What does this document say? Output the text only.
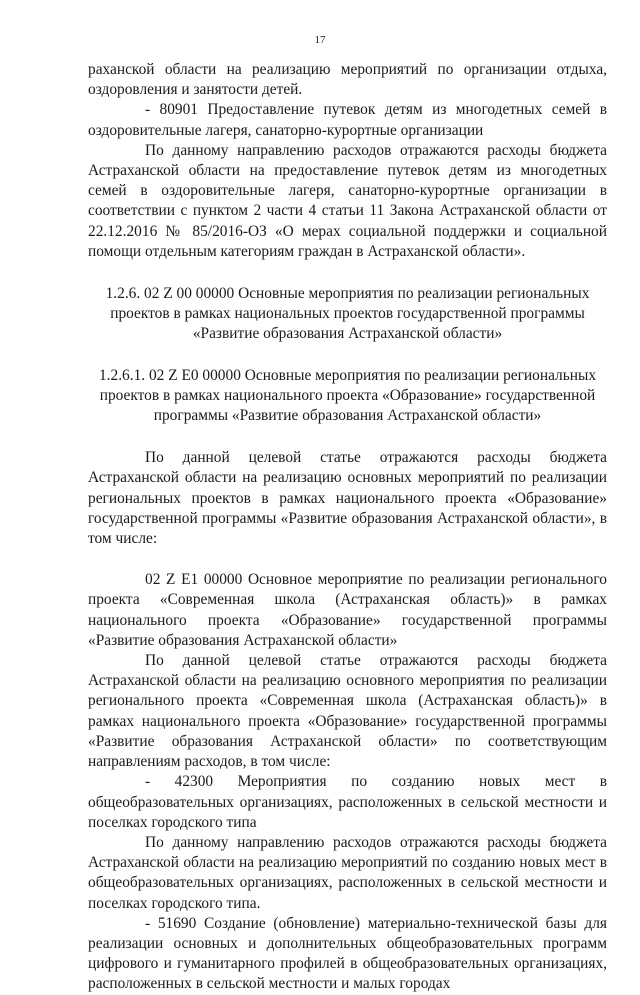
17

раханской области на реализацию мероприятий по организации отдыха, оздоровления и занятости детей.

- 80901 Предоставление путевок детям из многодетных семей в оздоровительные лагеря, санаторно-курортные организации

По данному направлению расходов отражаются расходы бюджета Астраханской области на предоставление путевок детям из многодетных семей в оздоровительные лагеря, санаторно-курортные организации в соответствии с пунктом 2 части 4 статьи 11 Закона Астраханской области от 22.12.2016 № 85/2016-ОЗ «О мерах социальной поддержки и социальной помощи отдельным категориям граждан в Астраханской области».

1.2.6. 02 Z 00 00000 Основные мероприятия по реализации региональных проектов в рамках национальных проектов государственной программы «Развитие образования Астраханской области»

1.2.6.1. 02 Z E0 00000 Основные мероприятия по реализации региональных проектов в рамках национального проекта «Образование» государственной программы «Развитие образования Астраханской области»

По данной целевой статье отражаются расходы бюджета Астраханской области на реализацию основных мероприятий по реализации региональных проектов в рамках национального проекта «Образование» государственной программы «Развитие образования Астраханской области», в том числе:

02 Z E1 00000 Основное мероприятие по реализации регионального проекта «Современная школа (Астраханская область)» в рамках национального проекта «Образование» государственной программы «Развитие образования Астраханской области»

По данной целевой статье отражаются расходы бюджета Астраханской области на реализацию основного мероприятия по реализации регионального проекта «Современная школа (Астраханская область)» в рамках национального проекта «Образование» государственной программы «Развитие образования Астраханской области» по соответствующим направлениям расходов, в том числе:

- 42300 Мероприятия по созданию новых мест в общеобразовательных организациях, расположенных в сельской местности и поселках городского типа

По данному направлению расходов отражаются расходы бюджета Астраханской области на реализацию мероприятий по созданию новых мест в общеобразовательных организациях, расположенных в сельской местности и поселках городского типа.

- 51690 Создание (обновление) материально-технической базы для реализации основных и дополнительных общеобразовательных программ цифрового и гуманитарного профилей в общеобразовательных организациях, расположенных в сельской местности и малых городах
